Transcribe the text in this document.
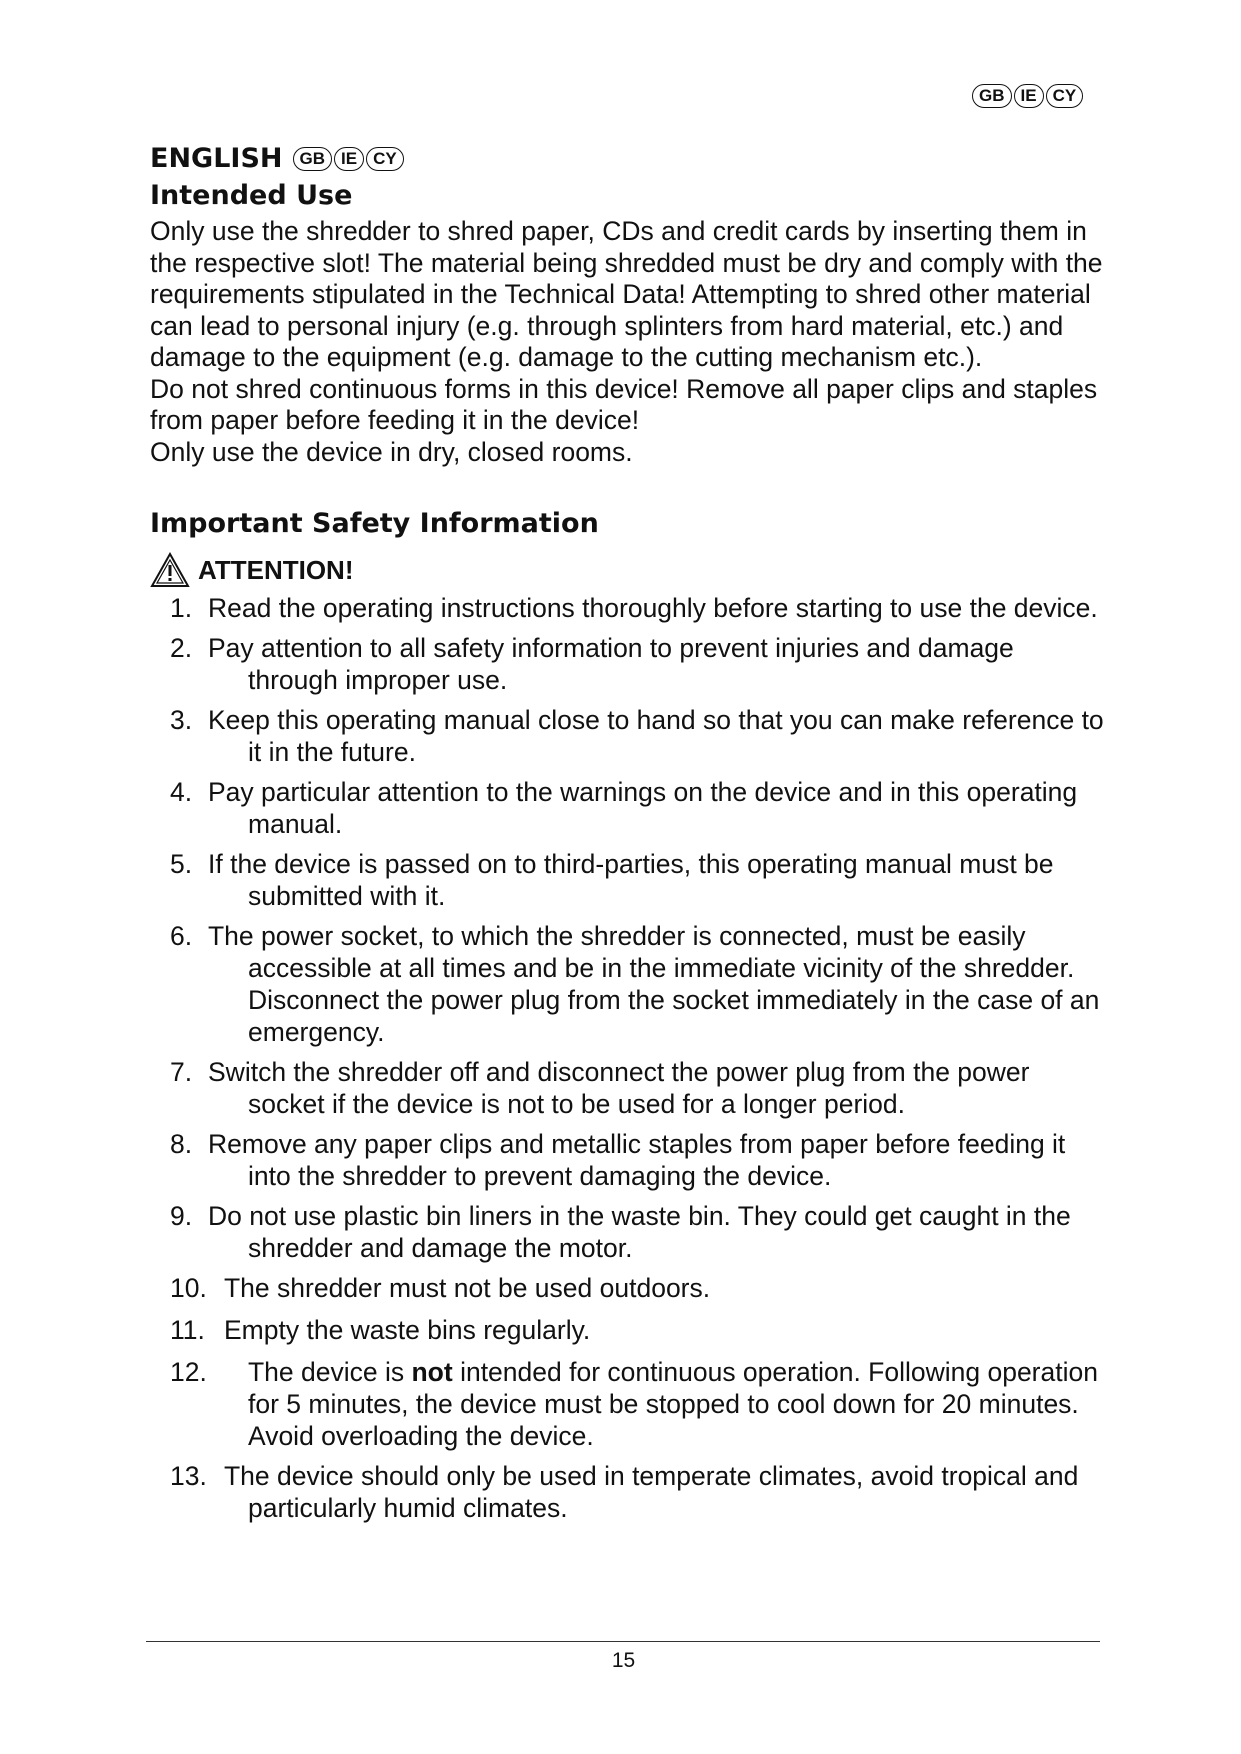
GB IE CY
ENGLISH	GB IE CY
Intended Use

Only use the shredder to shred paper, CDs and credit cards by inserting them in the respective slot! The material being shredded must be dry and comply with the requirements stipulated in the Technical Data! Attempting to shred other material can lead to personal injury (e.g. through splinters from hard material, etc.) and damage to the equipment (e.g. damage to the cutting mechanism etc.).

Do not shred continuous forms in this device! Remove all paper clips and staples from paper before feeding it in the device!

Only use the device in dry, closed rooms.

Important Safety Information
ATTENTION!
1. Read the operating instructions thoroughly before starting to use the device.
2. Pay attention to all safety information to prevent injuries and damage through improper use.
3. Keep this operating manual close to hand so that you can make reference to it in the future.
4. Pay particular attention to the warnings on the device and in this operating manual.
5. If the device is passed on to third-parties, this operating manual must be submitted with it.
6. The power socket, to which the shredder is connected, must be easily accessible at all times and be in the immediate vicinity of the shredder. Disconnect the power plug from the socket immediately in the case of an emergency.
7. Switch the shredder off and disconnect the power plug from the power socket if the device is not to be used for a longer period.
8. Remove any paper clips and metallic staples from paper before feeding it into the shredder to prevent damaging the device.
9. Do not use plastic bin liners in the waste bin. They could get caught in the shredder and damage the motor.
10. The shredder must not be used outdoors.
11. Empty the waste bins regularly.
12. The device is not intended for continuous operation. Following operation for 5 minutes, the device must be stopped to cool down for 20 minutes. Avoid overloading the device.
13. The device should only be used in temperate climates, avoid tropical and particularly humid climates.
15
